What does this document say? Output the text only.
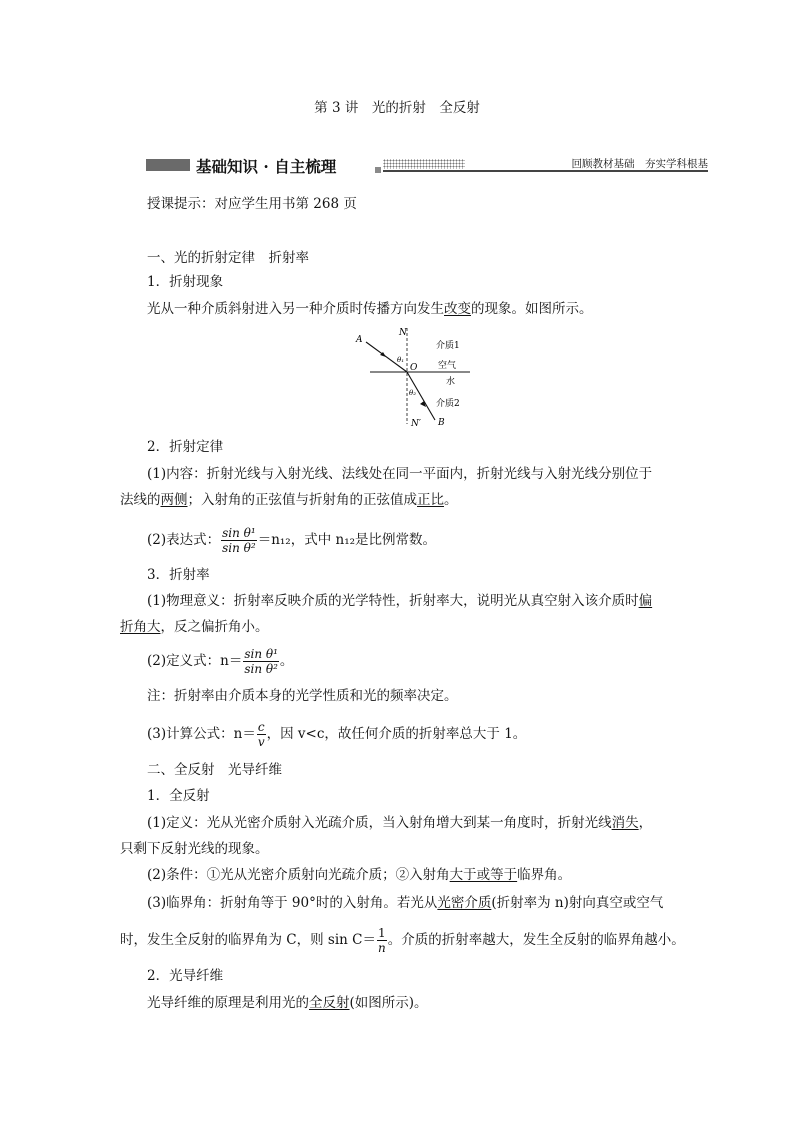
第 3 讲　光的折射　全反射
基础知识 · 自主梳理	回顾教材基础　夯实学科根基
授课提示：对应学生用书第 268 页
一、光的折射定律　折射率
1．折射现象
光从一种介质斜射进入另一种介质时传播方向发生改变的现象。如图所示。
A
N
θ₁
O
θ₂
N′ B
介质1
空气
水
介质2
2．折射定律
(1)内容：折射光线与入射光线、法线处在同一平面内，折射光线与入射光线分别位于
法线的两侧；入射角的正弦值与折射角的正弦值成正比。
(2)表达式： $\frac{\text{sin θ¹}}{\text{sin θ²}} =n_{12}$，式中 n₁₂是比例常数。
3．折射率
(1)物理意义：折射率反映介质的光学特性，折射率大，说明光从真空射入该介质时偏
折角大，反之偏折角小。
(2)定义式：$n= \frac{\text{sin θ¹}}{\text{sin θ²}}$ 。
注：折射率由介质本身的光学性质和光的频率决定。
(3)计算公式：$n= \frac{c}{v}$ ，因 v<c，故任何介质的折射率总大于 1。
二、全反射　光导纤维
1．全反射
(1)定义：光从光密介质射入光疏介质，当入射角增大到某一角度时，折射光线消失，
只剩下反射光线的现象。
(2)条件：①光从光密介质射向光疏介质；②入射角大于或等于临界角。
(3)临界角：折射角等于 90°时的入射角。若光从光密介质(折射率为 n)射向真空或空气
时，发生全反射的临界角为 C，则 $\sin C= \frac{1}{n}$ 。介质的折射率越大，发生全反射的临界角越小。
2．光导纤维
光导纤维的原理是利用光的全反射(如图所示)。
